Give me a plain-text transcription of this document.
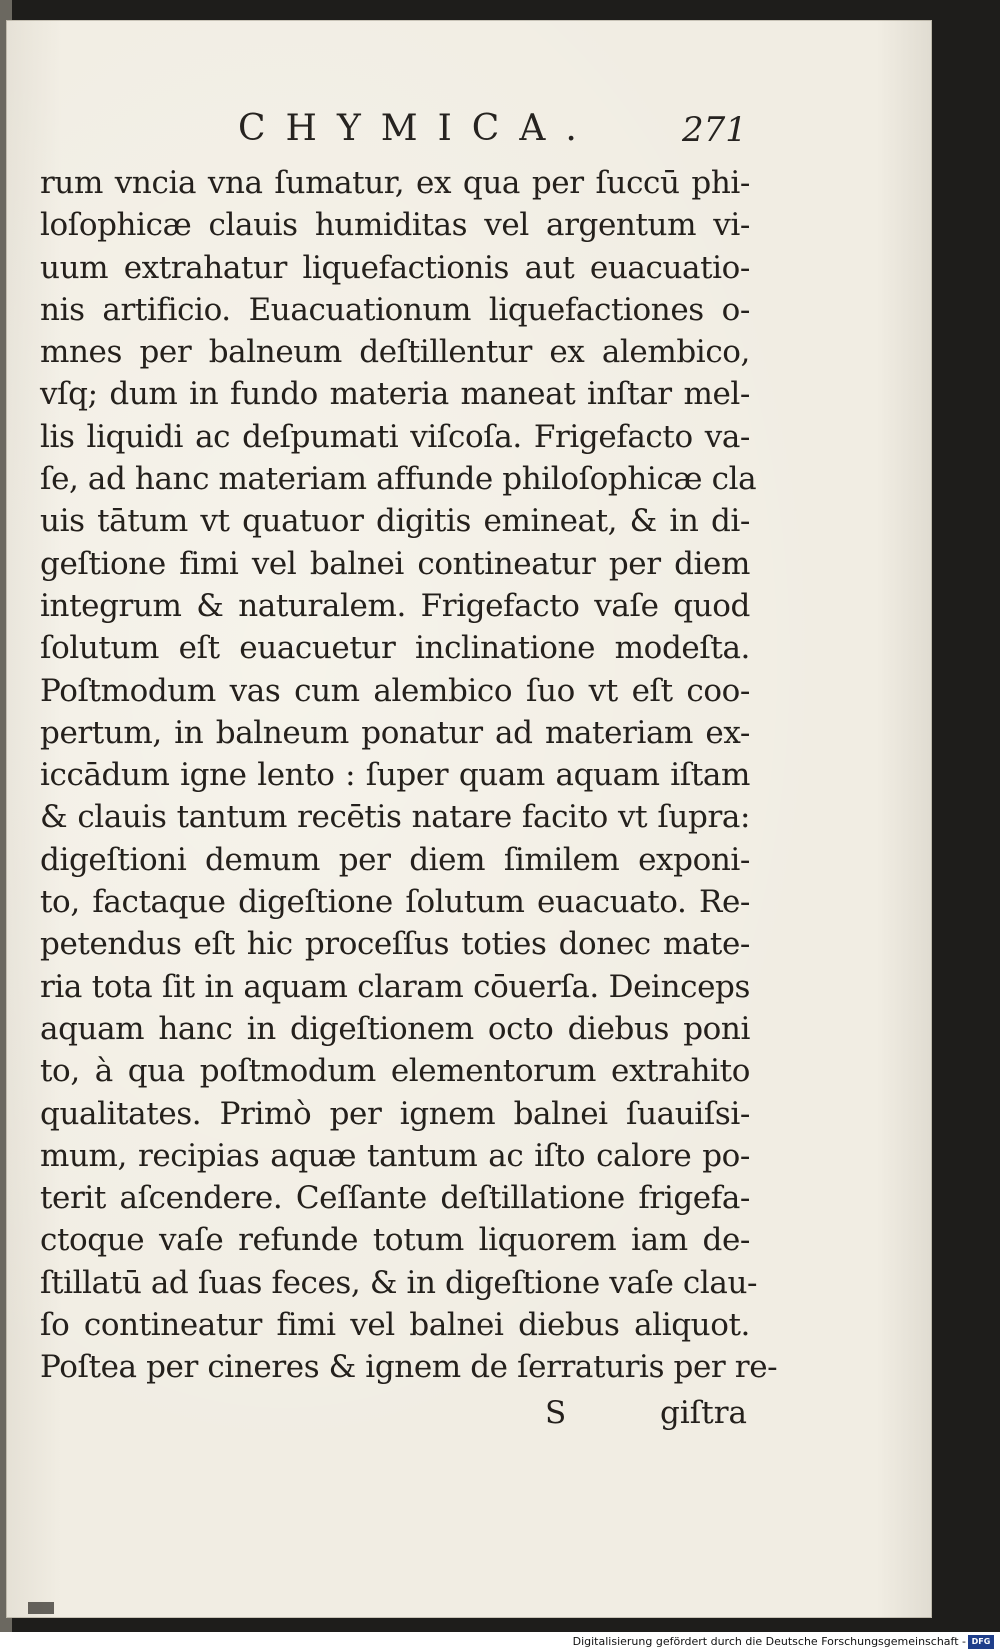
CHYMICA.	271
rum vncia vna ſumatur, ex qua per ſuccū phi-
loſophicæ clauis humiditas vel argentum vi-
uum extrahatur liquefactionis aut euacuatio-
nis artificio. Euacuationum liquefactiones o-
mnes per balneum deſtillentur ex alembico,
vſq; dum in fundo materia maneat inſtar mel-
lis liquidi ac deſpumati viſcoſa. Frigefacto va-
ſe, ad hanc materiam affunde philoſophicæ cla
uis tātum vt quatuor digitis emineat, & in di-
geſtione fimi vel balnei contineatur per diem
integrum & naturalem. Frigefacto vaſe quod
ſolutum eſt euacuetur inclinatione modeſta.
Poſtmodum vas cum alembico ſuo vt eſt coo-
pertum, in balneum ponatur ad materiam ex-
iccādum igne lento : ſuper quam aquam iſtam
& clauis tantum recētis natare facito vt ſupra:
digeſtioni demum per diem ſimilem exponi-
to, factaque digeſtione ſolutum euacuato. Re-
petendus eſt hic proceſſus toties donec mate-
ria tota ſit in aquam claram cōuerſa. Deinceps
aquam hanc in digeſtionem octo diebus poni
to, à qua poſtmodum elementorum extrahito
qualitates. Primò per ignem balnei ſuauiſsi-
mum, recipias aquæ tantum ac iſto calore po-
terit aſcendere. Ceſſante deſtillatione frigefa-
ctoque vaſe refunde totum liquorem iam de-
ſtillatū ad ſuas feces, & in digeſtione vaſe clau-
ſo contineatur fimi vel balnei diebus aliquot.
Poſtea per cineres & ignem de ſerraturis per re-
S	giſtra
Digitalisierung gefördert durch die Deutsche Forschungsgemeinschaft - DFG
